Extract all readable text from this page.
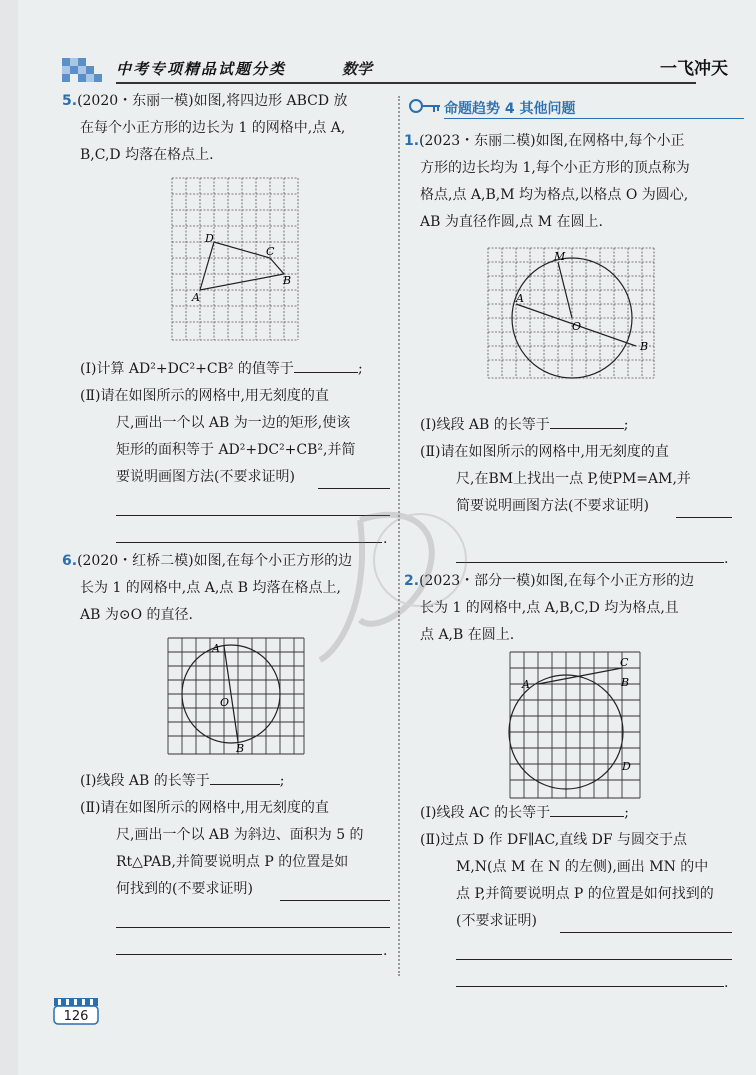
中考专项精品试题分类	数学	一飞冲天
5.(2020・东丽一模)如图,将四边形 ABCD 放
在每个小正方形的边长为 1 的网格中,点 A,
B,C,D 均落在格点上.
A
D
C
B
(Ⅰ)计算 AD²+DC²+CB² 的值等于	;
(Ⅱ)请在如图所示的网格中,用无刻度的直
尺,画出一个以 AB 为一边的矩形,使该
矩形的面积等于 AD²+DC²+CB²,并简
要说明画图方法(不要求证明)
.
6.(2020・红桥二模)如图,在每个小正方形的边
长为 1 的网格中,点 A,点 B 均落在格点上,
AB 为⊙O 的直径.
A
O
B
(Ⅰ)线段 AB 的长等于	;
(Ⅱ)请在如图所示的网格中,用无刻度的直
尺,画出一个以 AB 为斜边、面积为 5 的
Rt△PAB,并简要说明点 P 的位置是如
何找到的(不要求证明)
.
命题趋势 4 其他问题
1.(2023・东丽二模)如图,在网格中,每个小正
方形的边长均为 1,每个小正方形的顶点称为
格点,点 A,B,M 均为格点,以格点 O 为圆心,
AB 为直径作圆,点 M 在圆上.
A
M
O
B
(Ⅰ)线段 AB 的长等于	;
(Ⅱ)请在如图所示的网格中,用无刻度的直
尺,在BM上找出一点 P,使PM=AM,并
简要说明画图方法(不要求证明)
.
2.(2023・部分一模)如图,在每个小正方形的边
长为 1 的网格中,点 A,B,C,D 均为格点,且
点 A,B 在圆上.
A
C
B
D
(Ⅰ)线段 AC 的长等于	;
(Ⅱ)过点 D 作 DF∥AC,直线 DF 与圆交于点
M,N(点 M 在 N 的左侧),画出 MN 的中
点 P,并简要说明点 P 的位置是如何找到的
(不要求证明)
.
126
